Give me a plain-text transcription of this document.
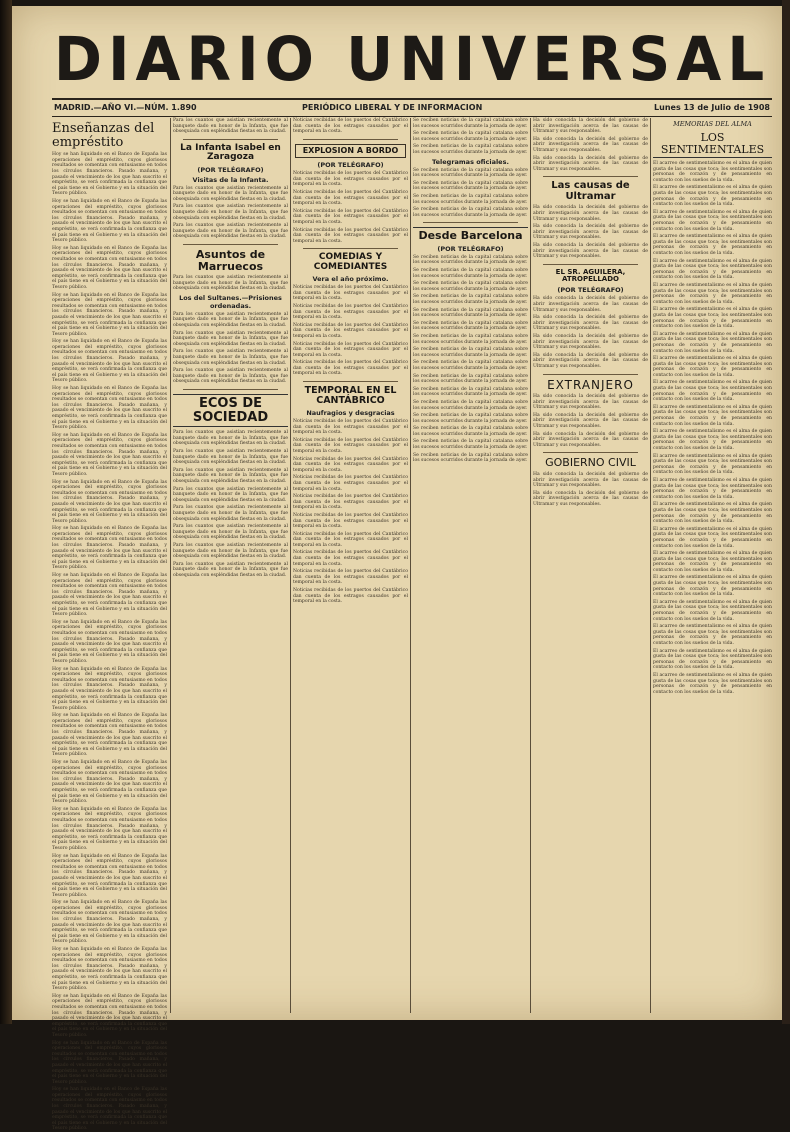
DIARIO UNIVERSAL
MADRID.—AÑO VI.—NÚM. 1.890	PERIÓDICO LIBERAL Y DE INFORMACION	Lunes 13 de Julio de 1908
Enseñanzas del empréstito

Hoy se han liquidado en el Banco de España las operaciones del empréstito, cuyos gloriosos resultados se comentan con entusiasmo en todos los círculos financieros. Pasado mañana, y pasado el vencimiento de los que han suscrito el empréstito, se verá confirmada la confianza que el país tiene en el Gobierno y en la situación del Tesoro público.

Hoy se han liquidado en el Banco de España las operaciones del empréstito, cuyos gloriosos resultados se comentan con entusiasmo en todos los círculos financieros. Pasado mañana, y pasado el vencimiento de los que han suscrito el empréstito, se verá confirmada la confianza que el país tiene en el Gobierno y en la situación del Tesoro público.

Hoy se han liquidado en el Banco de España las operaciones del empréstito, cuyos gloriosos resultados se comentan con entusiasmo en todos los círculos financieros. Pasado mañana, y pasado el vencimiento de los que han suscrito el empréstito, se verá confirmada la confianza que el país tiene en el Gobierno y en la situación del Tesoro público.

Hoy se han liquidado en el Banco de España las operaciones del empréstito, cuyos gloriosos resultados se comentan con entusiasmo en todos los círculos financieros. Pasado mañana, y pasado el vencimiento de los que han suscrito el empréstito, se verá confirmada la confianza que el país tiene en el Gobierno y en la situación del Tesoro público.

Hoy se han liquidado en el Banco de España las operaciones del empréstito, cuyos gloriosos resultados se comentan con entusiasmo en todos los círculos financieros. Pasado mañana, y pasado el vencimiento de los que han suscrito el empréstito, se verá confirmada la confianza que el país tiene en el Gobierno y en la situación del Tesoro público.

Hoy se han liquidado en el Banco de España las operaciones del empréstito, cuyos gloriosos resultados se comentan con entusiasmo en todos los círculos financieros. Pasado mañana, y pasado el vencimiento de los que han suscrito el empréstito, se verá confirmada la confianza que el país tiene en el Gobierno y en la situación del Tesoro público.

Hoy se han liquidado en el Banco de España las operaciones del empréstito, cuyos gloriosos resultados se comentan con entusiasmo en todos los círculos financieros. Pasado mañana, y pasado el vencimiento de los que han suscrito el empréstito, se verá confirmada la confianza que el país tiene en el Gobierno y en la situación del Tesoro público.

Hoy se han liquidado en el Banco de España las operaciones del empréstito, cuyos gloriosos resultados se comentan con entusiasmo en todos los círculos financieros. Pasado mañana, y pasado el vencimiento de los que han suscrito el empréstito, se verá confirmada la confianza que el país tiene en el Gobierno y en la situación del Tesoro público.

Hoy se han liquidado en el Banco de España las operaciones del empréstito, cuyos gloriosos resultados se comentan con entusiasmo en todos los círculos financieros. Pasado mañana, y pasado el vencimiento de los que han suscrito el empréstito, se verá confirmada la confianza que el país tiene en el Gobierno y en la situación del Tesoro público.

Hoy se han liquidado en el Banco de España las operaciones del empréstito, cuyos gloriosos resultados se comentan con entusiasmo en todos los círculos financieros. Pasado mañana, y pasado el vencimiento de los que han suscrito el empréstito, se verá confirmada la confianza que el país tiene en el Gobierno y en la situación del Tesoro público.

Hoy se han liquidado en el Banco de España las operaciones del empréstito, cuyos gloriosos resultados se comentan con entusiasmo en todos los círculos financieros. Pasado mañana, y pasado el vencimiento de los que han suscrito el empréstito, se verá confirmada la confianza que el país tiene en el Gobierno y en la situación del Tesoro público.

Hoy se han liquidado en el Banco de España las operaciones del empréstito, cuyos gloriosos resultados se comentan con entusiasmo en todos los círculos financieros. Pasado mañana, y pasado el vencimiento de los que han suscrito el empréstito, se verá confirmada la confianza que el país tiene en el Gobierno y en la situación del Tesoro público.

Hoy se han liquidado en el Banco de España las operaciones del empréstito, cuyos gloriosos resultados se comentan con entusiasmo en todos los círculos financieros. Pasado mañana, y pasado el vencimiento de los que han suscrito el empréstito, se verá confirmada la confianza que el país tiene en el Gobierno y en la situación del Tesoro público.

Hoy se han liquidado en el Banco de España las operaciones del empréstito, cuyos gloriosos resultados se comentan con entusiasmo en todos los círculos financieros. Pasado mañana, y pasado el vencimiento de los que han suscrito el empréstito, se verá confirmada la confianza que el país tiene en el Gobierno y en la situación del Tesoro público.

Hoy se han liquidado en el Banco de España las operaciones del empréstito, cuyos gloriosos resultados se comentan con entusiasmo en todos los círculos financieros. Pasado mañana, y pasado el vencimiento de los que han suscrito el empréstito, se verá confirmada la confianza que el país tiene en el Gobierno y en la situación del Tesoro público.

Hoy se han liquidado en el Banco de España las operaciones del empréstito, cuyos gloriosos resultados se comentan con entusiasmo en todos los círculos financieros. Pasado mañana, y pasado el vencimiento de los que han suscrito el empréstito, se verá confirmada la confianza que el país tiene en el Gobierno y en la situación del Tesoro público.

Hoy se han liquidado en el Banco de España las operaciones del empréstito, cuyos gloriosos resultados se comentan con entusiasmo en todos los círculos financieros. Pasado mañana, y pasado el vencimiento de los que han suscrito el empréstito, se verá confirmada la confianza que el país tiene en el Gobierno y en la situación del Tesoro público.

Hoy se han liquidado en el Banco de España las operaciones del empréstito, cuyos gloriosos resultados se comentan con entusiasmo en todos los círculos financieros. Pasado mañana, y pasado el vencimiento de los que han suscrito el empréstito, se verá confirmada la confianza que el país tiene en el Gobierno y en la situación del Tesoro público.

Hoy se han liquidado en el Banco de España las operaciones del empréstito, cuyos gloriosos resultados se comentan con entusiasmo en todos los círculos financieros. Pasado mañana, y pasado el vencimiento de los que han suscrito el empréstito, se verá confirmada la confianza que el país tiene en el Gobierno y en la situación del Tesoro público.

Hoy se han liquidado en el Banco de España las operaciones del empréstito, cuyos gloriosos resultados se comentan con entusiasmo en todos los círculos financieros. Pasado mañana, y pasado el vencimiento de los que han suscrito el empréstito, se verá confirmada la confianza que el país tiene en el Gobierno y en la situación del Tesoro público.

Hoy se han liquidado en el Banco de España las operaciones del empréstito, cuyos gloriosos resultados se comentan con entusiasmo en todos los círculos financieros. Pasado mañana, y pasado el vencimiento de los que han suscrito el empréstito, se verá confirmada la confianza que el país tiene en el Gobierno y en la situación del Tesoro público.

Para los cuantos que asistían recientemente al banquete dado en honor de la Infanta, que fue obsequiada con espléndidas fiestas en la ciudad.

La Infanta Isabel en Zaragoza
(POR TELÉGRAFO)
Visitas de la Infanta.

Para los cuantos que asistían recientemente al banquete dado en honor de la Infanta, que fue obsequiada con espléndidas fiestas en la ciudad.

Para los cuantos que asistían recientemente al banquete dado en honor de la Infanta, que fue obsequiada con espléndidas fiestas en la ciudad.

Para los cuantos que asistían recientemente al banquete dado en honor de la Infanta, que fue obsequiada con espléndidas fiestas en la ciudad.

Asuntos de Marruecos

Para los cuantos que asistían recientemente al banquete dado en honor de la Infanta, que fue obsequiada con espléndidas fiestas en la ciudad.

Los del Sultanes.—Prisiones ordenadas.

Para los cuantos que asistían recientemente al banquete dado en honor de la Infanta, que fue obsequiada con espléndidas fiestas en la ciudad.

Para los cuantos que asistían recientemente al banquete dado en honor de la Infanta, que fue obsequiada con espléndidas fiestas en la ciudad.

Para los cuantos que asistían recientemente al banquete dado en honor de la Infanta, que fue obsequiada con espléndidas fiestas en la ciudad.

Para los cuantos que asistían recientemente al banquete dado en honor de la Infanta, que fue obsequiada con espléndidas fiestas en la ciudad.

ECOS DE SOCIEDAD

Para los cuantos que asistían recientemente al banquete dado en honor de la Infanta, que fue obsequiada con espléndidas fiestas en la ciudad.

Para los cuantos que asistían recientemente al banquete dado en honor de la Infanta, que fue obsequiada con espléndidas fiestas en la ciudad.

Para los cuantos que asistían recientemente al banquete dado en honor de la Infanta, que fue obsequiada con espléndidas fiestas en la ciudad.

Para los cuantos que asistían recientemente al banquete dado en honor de la Infanta, que fue obsequiada con espléndidas fiestas en la ciudad.

Para los cuantos que asistían recientemente al banquete dado en honor de la Infanta, que fue obsequiada con espléndidas fiestas en la ciudad.

Para los cuantos que asistían recientemente al banquete dado en honor de la Infanta, que fue obsequiada con espléndidas fiestas en la ciudad.

Para los cuantos que asistían recientemente al banquete dado en honor de la Infanta, que fue obsequiada con espléndidas fiestas en la ciudad.

Para los cuantos que asistían recientemente al banquete dado en honor de la Infanta, que fue obsequiada con espléndidas fiestas en la ciudad.

Noticias recibidas de los puertos del Cantábrico dan cuenta de los estragos causados por el temporal en la costa.

EXPLOSION A BORDO
(POR TELÉGRAFO)

Noticias recibidas de los puertos del Cantábrico dan cuenta de los estragos causados por el temporal en la costa.

Noticias recibidas de los puertos del Cantábrico dan cuenta de los estragos causados por el temporal en la costa.

Noticias recibidas de los puertos del Cantábrico dan cuenta de los estragos causados por el temporal en la costa.

Noticias recibidas de los puertos del Cantábrico dan cuenta de los estragos causados por el temporal en la costa.

COMEDIAS Y COMEDIANTES
Vera el año próximo.

Noticias recibidas de los puertos del Cantábrico dan cuenta de los estragos causados por el temporal en la costa.

Noticias recibidas de los puertos del Cantábrico dan cuenta de los estragos causados por el temporal en la costa.

Noticias recibidas de los puertos del Cantábrico dan cuenta de los estragos causados por el temporal en la costa.

Noticias recibidas de los puertos del Cantábrico dan cuenta de los estragos causados por el temporal en la costa.

Noticias recibidas de los puertos del Cantábrico dan cuenta de los estragos causados por el temporal en la costa.

TEMPORAL EN EL CANTÁBRICO
Naufragios y desgracias

Noticias recibidas de los puertos del Cantábrico dan cuenta de los estragos causados por el temporal en la costa.

Noticias recibidas de los puertos del Cantábrico dan cuenta de los estragos causados por el temporal en la costa.

Noticias recibidas de los puertos del Cantábrico dan cuenta de los estragos causados por el temporal en la costa.

Noticias recibidas de los puertos del Cantábrico dan cuenta de los estragos causados por el temporal en la costa.

Noticias recibidas de los puertos del Cantábrico dan cuenta de los estragos causados por el temporal en la costa.

Noticias recibidas de los puertos del Cantábrico dan cuenta de los estragos causados por el temporal en la costa.

Noticias recibidas de los puertos del Cantábrico dan cuenta de los estragos causados por el temporal en la costa.

Noticias recibidas de los puertos del Cantábrico dan cuenta de los estragos causados por el temporal en la costa.

Noticias recibidas de los puertos del Cantábrico dan cuenta de los estragos causados por el temporal en la costa.

Noticias recibidas de los puertos del Cantábrico dan cuenta de los estragos causados por el temporal en la costa.

Se reciben noticias de la capital catalana sobre los sucesos ocurridos durante la jornada de ayer.

Se reciben noticias de la capital catalana sobre los sucesos ocurridos durante la jornada de ayer.

Se reciben noticias de la capital catalana sobre los sucesos ocurridos durante la jornada de ayer.

Telegramas oficiales.

Se reciben noticias de la capital catalana sobre los sucesos ocurridos durante la jornada de ayer.

Se reciben noticias de la capital catalana sobre los sucesos ocurridos durante la jornada de ayer.

Se reciben noticias de la capital catalana sobre los sucesos ocurridos durante la jornada de ayer.

Se reciben noticias de la capital catalana sobre los sucesos ocurridos durante la jornada de ayer.

Desde Barcelona
(POR TELÉGRAFO)

Se reciben noticias de la capital catalana sobre los sucesos ocurridos durante la jornada de ayer.

Se reciben noticias de la capital catalana sobre los sucesos ocurridos durante la jornada de ayer.

Se reciben noticias de la capital catalana sobre los sucesos ocurridos durante la jornada de ayer.

Se reciben noticias de la capital catalana sobre los sucesos ocurridos durante la jornada de ayer.

Se reciben noticias de la capital catalana sobre los sucesos ocurridos durante la jornada de ayer.

Se reciben noticias de la capital catalana sobre los sucesos ocurridos durante la jornada de ayer.

Se reciben noticias de la capital catalana sobre los sucesos ocurridos durante la jornada de ayer.

Se reciben noticias de la capital catalana sobre los sucesos ocurridos durante la jornada de ayer.

Se reciben noticias de la capital catalana sobre los sucesos ocurridos durante la jornada de ayer.

Se reciben noticias de la capital catalana sobre los sucesos ocurridos durante la jornada de ayer.

Se reciben noticias de la capital catalana sobre los sucesos ocurridos durante la jornada de ayer.

Se reciben noticias de la capital catalana sobre los sucesos ocurridos durante la jornada de ayer.

Se reciben noticias de la capital catalana sobre los sucesos ocurridos durante la jornada de ayer.

Se reciben noticias de la capital catalana sobre los sucesos ocurridos durante la jornada de ayer.

Se reciben noticias de la capital catalana sobre los sucesos ocurridos durante la jornada de ayer.

Se reciben noticias de la capital catalana sobre los sucesos ocurridos durante la jornada de ayer.

Ha sido conocida la decisión del gobierno de abrir investigación acerca de las causas de Ultramar y sus responsables.

Ha sido conocida la decisión del gobierno de abrir investigación acerca de las causas de Ultramar y sus responsables.

Ha sido conocida la decisión del gobierno de abrir investigación acerca de las causas de Ultramar y sus responsables.

Las causas de Ultramar

Ha sido conocida la decisión del gobierno de abrir investigación acerca de las causas de Ultramar y sus responsables.

Ha sido conocida la decisión del gobierno de abrir investigación acerca de las causas de Ultramar y sus responsables.

Ha sido conocida la decisión del gobierno de abrir investigación acerca de las causas de Ultramar y sus responsables.

EL SR. AGUILERA, ATROPELLADO
(POR TELÉGRAFO)

Ha sido conocida la decisión del gobierno de abrir investigación acerca de las causas de Ultramar y sus responsables.

Ha sido conocida la decisión del gobierno de abrir investigación acerca de las causas de Ultramar y sus responsables.

Ha sido conocida la decisión del gobierno de abrir investigación acerca de las causas de Ultramar y sus responsables.

Ha sido conocida la decisión del gobierno de abrir investigación acerca de las causas de Ultramar y sus responsables.

EXTRANJERO

Ha sido conocida la decisión del gobierno de abrir investigación acerca de las causas de Ultramar y sus responsables.

Ha sido conocida la decisión del gobierno de abrir investigación acerca de las causas de Ultramar y sus responsables.

Ha sido conocida la decisión del gobierno de abrir investigación acerca de las causas de Ultramar y sus responsables.

GOBIERNO CIVIL

Ha sido conocida la decisión del gobierno de abrir investigación acerca de las causas de Ultramar y sus responsables.

Ha sido conocida la decisión del gobierno de abrir investigación acerca de las causas de Ultramar y sus responsables.

MEMORIAS DEL ALMA
LOS SENTIMENTALES

El acarreo de sentimentalismo es el alma de quien gusta de las cosas que toca; los sentimentales son personas de corazón y de pensamiento en contacto con los sueños de la vida.

El acarreo de sentimentalismo es el alma de quien gusta de las cosas que toca; los sentimentales son personas de corazón y de pensamiento en contacto con los sueños de la vida.

El acarreo de sentimentalismo es el alma de quien gusta de las cosas que toca; los sentimentales son personas de corazón y de pensamiento en contacto con los sueños de la vida.

El acarreo de sentimentalismo es el alma de quien gusta de las cosas que toca; los sentimentales son personas de corazón y de pensamiento en contacto con los sueños de la vida.

El acarreo de sentimentalismo es el alma de quien gusta de las cosas que toca; los sentimentales son personas de corazón y de pensamiento en contacto con los sueños de la vida.

El acarreo de sentimentalismo es el alma de quien gusta de las cosas que toca; los sentimentales son personas de corazón y de pensamiento en contacto con los sueños de la vida.

El acarreo de sentimentalismo es el alma de quien gusta de las cosas que toca; los sentimentales son personas de corazón y de pensamiento en contacto con los sueños de la vida.

El acarreo de sentimentalismo es el alma de quien gusta de las cosas que toca; los sentimentales son personas de corazón y de pensamiento en contacto con los sueños de la vida.

El acarreo de sentimentalismo es el alma de quien gusta de las cosas que toca; los sentimentales son personas de corazón y de pensamiento en contacto con los sueños de la vida.

El acarreo de sentimentalismo es el alma de quien gusta de las cosas que toca; los sentimentales son personas de corazón y de pensamiento en contacto con los sueños de la vida.

El acarreo de sentimentalismo es el alma de quien gusta de las cosas que toca; los sentimentales son personas de corazón y de pensamiento en contacto con los sueños de la vida.

El acarreo de sentimentalismo es el alma de quien gusta de las cosas que toca; los sentimentales son personas de corazón y de pensamiento en contacto con los sueños de la vida.

El acarreo de sentimentalismo es el alma de quien gusta de las cosas que toca; los sentimentales son personas de corazón y de pensamiento en contacto con los sueños de la vida.

El acarreo de sentimentalismo es el alma de quien gusta de las cosas que toca; los sentimentales son personas de corazón y de pensamiento en contacto con los sueños de la vida.

El acarreo de sentimentalismo es el alma de quien gusta de las cosas que toca; los sentimentales son personas de corazón y de pensamiento en contacto con los sueños de la vida.

El acarreo de sentimentalismo es el alma de quien gusta de las cosas que toca; los sentimentales son personas de corazón y de pensamiento en contacto con los sueños de la vida.

El acarreo de sentimentalismo es el alma de quien gusta de las cosas que toca; los sentimentales son personas de corazón y de pensamiento en contacto con los sueños de la vida.

El acarreo de sentimentalismo es el alma de quien gusta de las cosas que toca; los sentimentales son personas de corazón y de pensamiento en contacto con los sueños de la vida.

El acarreo de sentimentalismo es el alma de quien gusta de las cosas que toca; los sentimentales son personas de corazón y de pensamiento en contacto con los sueños de la vida.

El acarreo de sentimentalismo es el alma de quien gusta de las cosas que toca; los sentimentales son personas de corazón y de pensamiento en contacto con los sueños de la vida.

El acarreo de sentimentalismo es el alma de quien gusta de las cosas que toca; los sentimentales son personas de corazón y de pensamiento en contacto con los sueños de la vida.

El acarreo de sentimentalismo es el alma de quien gusta de las cosas que toca; los sentimentales son personas de corazón y de pensamiento en contacto con los sueños de la vida.
